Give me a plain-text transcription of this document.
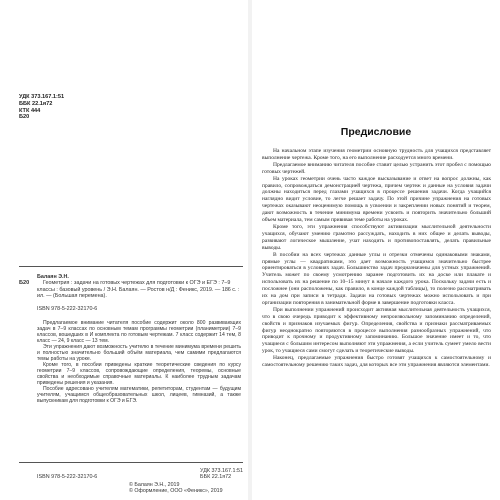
УДК 373.167.1:51
ББК 22.1я72
КТК 444
Б20
Б20

Балаян Э.Н.

Геометрия : задачи на готовых чертежах для подготовки к ОГЭ и ЕГЭ : 7–9 классы : базовый уровень / Э.Н. Балаян. — Ростов н/Д : Феникс, 2019. — 186 с. : ил. — (Большая перемена).

ISBN 978-5-222-32170-6

Предлагаемое внимание читателя пособие содержит около 800 развивающих задач в 7–9 классах по основным темам программы геометрии (планиметрии) 7–9 классов, вошедших в И комплекта по готовым чертежам. 7 класс содержит 14 тем, 8 класс — 24, 9 класс — 13 тем.

Эти упражнения дают возможность учителю в течение минимума времени решить и полностью значительно больший объём материала, чем самими предлагаются темы работы на уроке.

Кроме того, в пособии приведены краткие теоретические сведения по курсу геометрии 7–9 классов, сопровождающие определения, теоремы, основные свойства и необходимые справочные материалы. К наиболее трудным задачам приведены решения и указания.

Пособие адресовано учителям математики, репетиторам, студентам — будущим учителям, учащимся общеобразовательных школ, лицеев, гимназий, а также выпускникам для подготовки к ОГЭ и ЕГЭ.

ISBN 978-5-222-32170-6
УДК 373.167.1:51
ББК 22.1я72
© Балаян Э.Н., 2019
© Оформление, ООО «Феникс», 2019
Предисловие

На начальном этапе изучения геометрии основную трудность для учащихся представляет выполнение чертежа. Кроме того, на его выполнение расходуется много времени.

Предлагаемое вниманию читателя пособие ставит целью устранить этот пробел с помощью готовых чертежей.

На уроках геометрии очень часто каждое высказывание и ответ на вопрос должны, как правило, сопровождаться демонстрацией чертежа, причем чертеж и данные на условия задачи должны находиться перед глазами учащихся в процессе решения задачи. Когда учащийся наглядно видит условие, то легче решает задачу. По этой причине упражнения на готовых чертежах оказывают неоценимую помощь в усвоении и закреплении новых понятий и теорем, дают возможность в течение минимума времени усвоить и повторить значительно больший объем материала, тем самым прививая теме работы на уроках.

Кроме того, эти упражнения способствуют активизации мыслительной деятельности учащихся, обучают умению грамотно рассуждать, находить в них общее и делать выводы, развивают логическое мышление, учат находить и противопоставлять, делать правильные выводы.

В пособии на всех чертежах данные углы и отрезки отмечены одинаковыми знаками, прямые углы — квадратиками, это дает возможность учащимся значительно быстрее ориентироваться в условиях задач. Большинство задач предназначены для устных упражнений. Учитель может по своему усмотрению заранее подготовить их на доске или плакате и использовать их на решение по 10–15 минут в начале каждого урока. Поскольку задачи есть и посложнее (они расположены, как правило, в конце каждой таблицы), то полезно рассматривать их на дом при записи в тетради. Задачи на готовых чертежах можно использовать и при организации повторения в занимательной форме в завершение подготовки класса.

При выполнении упражнений происходит активная мыслительная деятельность учащихся, что в свою очередь приводит к эффективному непроизвольному запоминанию определений, свойств и признаков изучаемых фигур. Определения, свойства и признаки рассматриваемых фигур неоднократно повторяются в процессе выполнения разнообразных упражнений, что приводит к прочному и продуктивному запоминанию. Большое значение имеет и то, что учащиеся с большим интересом выполняют эти упражнения, а если учитель сумеет умело вести урок, то учащиеся сами смогут сделать и теоретические выводы.

Наконец, предлагаемые упражнения быстро готовят учащихся к самостоятельному и самостоятельному решению таких задач, для которых все эти упражнения являются элементами.
